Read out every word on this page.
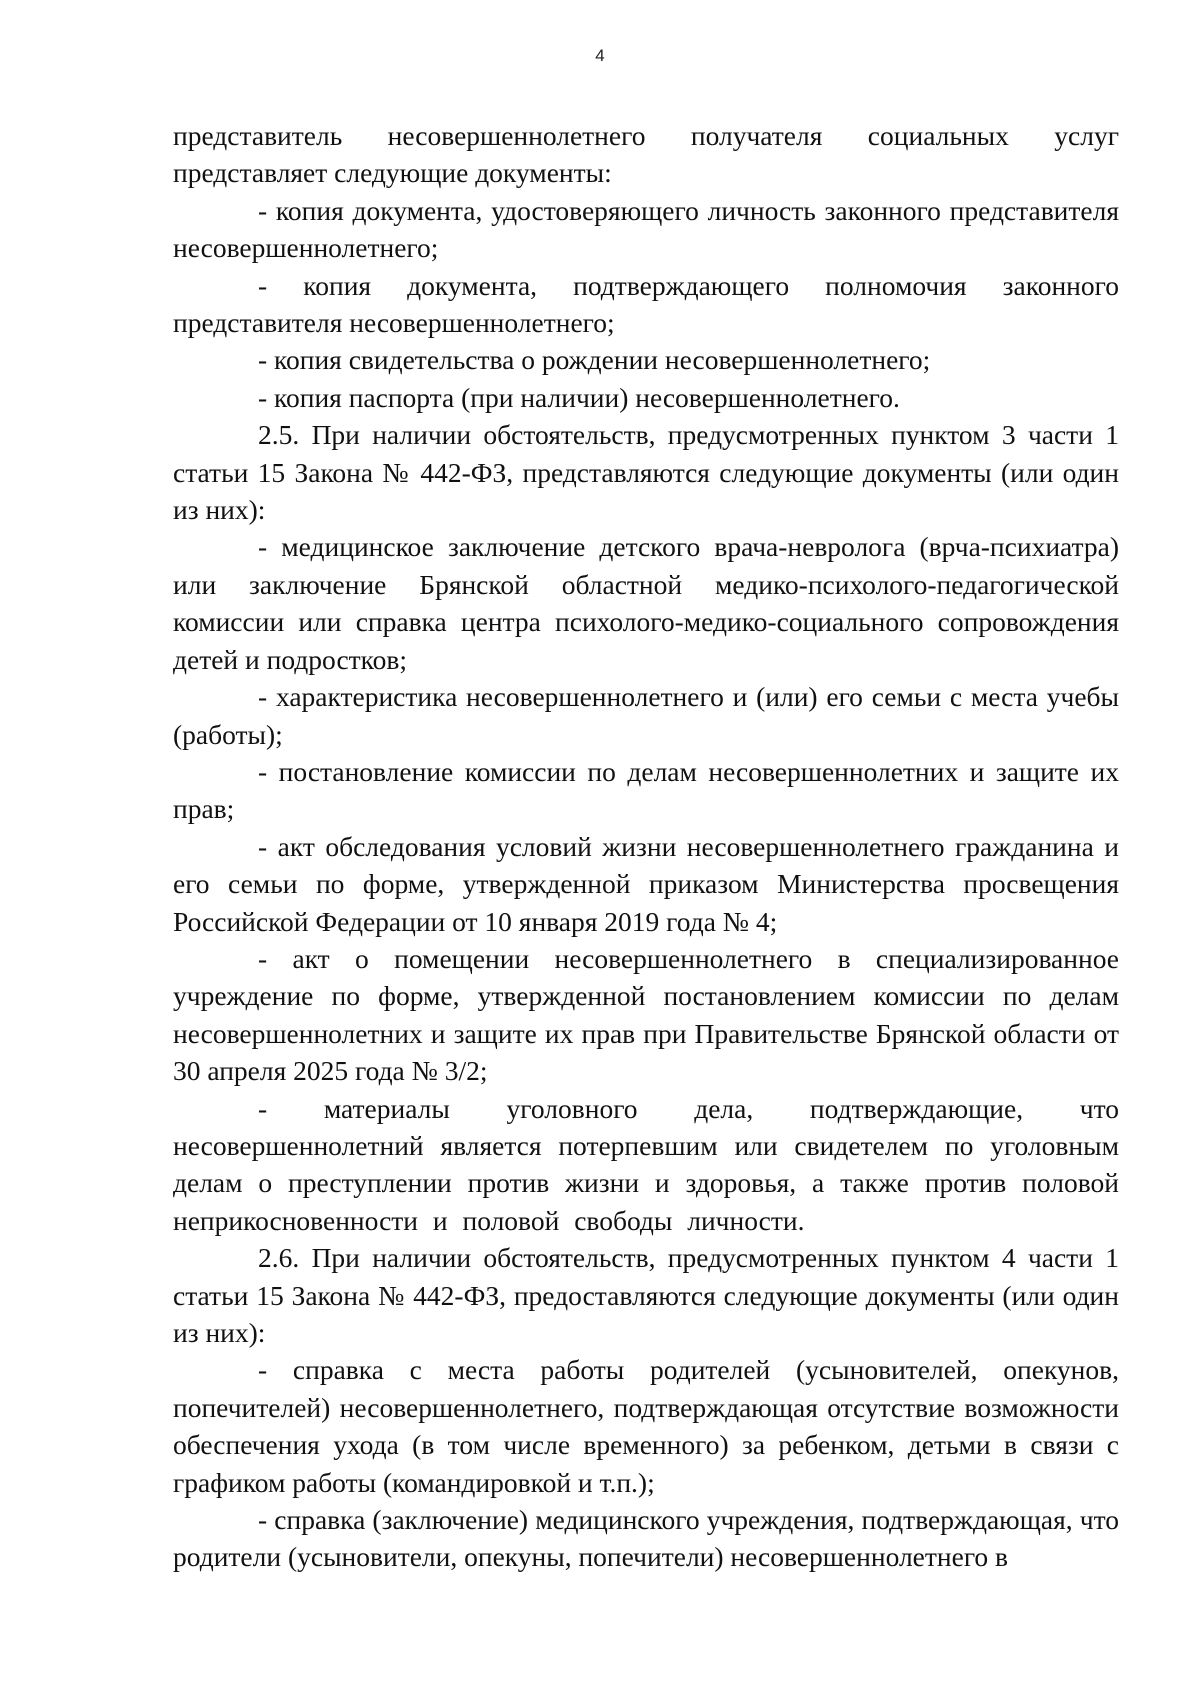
4

представитель несовершеннолетнего получателя социальных услуг представляет следующие документы:

- копия документа, удостоверяющего личность законного представителя несовершеннолетнего;

- копия документа, подтверждающего полномочия законного представителя несовершеннолетнего;

- копия свидетельства о рождении несовершеннолетнего;

- копия паспорта (при наличии) несовершеннолетнего.

2.5. При наличии обстоятельств, предусмотренных пунктом 3 части 1 статьи 15 Закона № 442-ФЗ, представляются следующие документы (или один из них):

- медицинское заключение детского врача-невролога (врча-психиатра) или заключение Брянской областной медико-психолого-педагогической комиссии или справка центра психолого-медико-социального сопровождения детей и подростков;

- характеристика несовершеннолетнего и (или) его семьи с места учебы (работы);

- постановление комиссии по делам несовершеннолетних и защите их прав;

- акт обследования условий жизни несовершеннолетнего гражданина и его семьи по форме, утвержденной приказом Министерства просвещения Российской Федерации от 10 января 2019 года № 4;

- акт о помещении несовершеннолетнего в специализированное учреждение по форме, утвержденной постановлением комиссии по делам несовершеннолетних и защите их прав при Правительстве Брянской области от 30 апреля 2025 года № 3/2;

- материалы уголовного дела, подтверждающие, что несовершеннолетний является потерпевшим или свидетелем по уголовным делам о преступлении против жизни и здоровья, а также против половой неприкосновенности и половой свободы личности.

2.6. При наличии обстоятельств, предусмотренных пунктом 4 части 1 статьи 15 Закона № 442-ФЗ, предоставляются следующие документы (или один из них):

- справка с места работы родителей (усыновителей, опекунов, попечителей) несовершеннолетнего, подтверждающая отсутствие возможности обеспечения ухода (в том числе временного) за ребенком, детьми в связи с графиком работы (командировкой и т.п.);

- справка (заключение) медицинского учреждения, подтверждающая, что родители (усыновители, опекуны, попечители) несовершеннолетнего в
